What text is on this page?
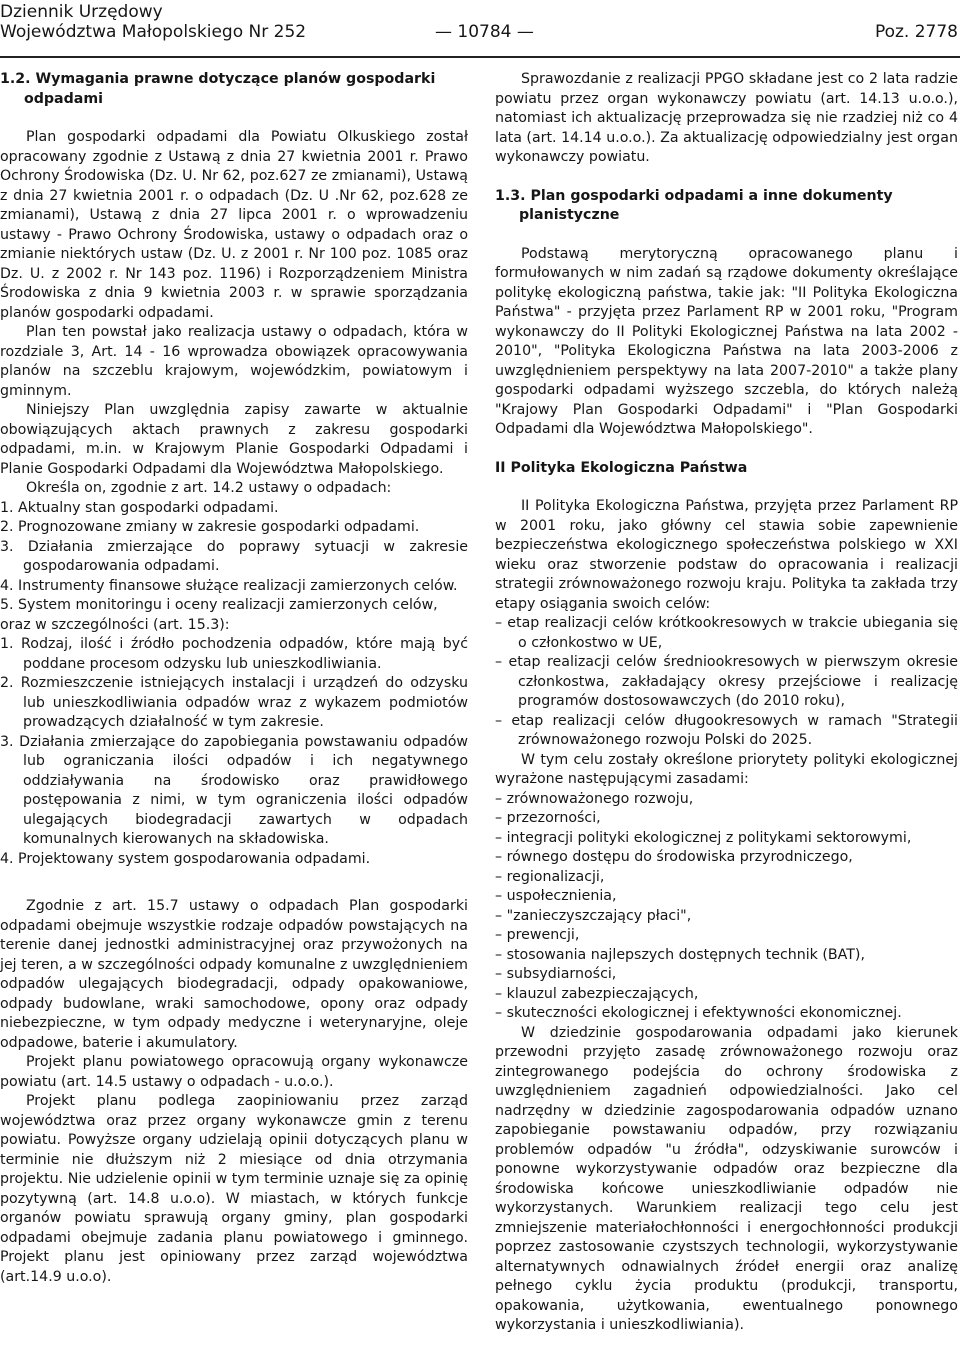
Dziennik Urzędowy
Województwa Małopolskiego Nr 252	— 10784 —	Poz. 2778

1.2. Wymagania prawne dotyczące planów gospodarki odpadami

Plan gospodarki odpadami dla Powiatu Olkuskiego został opracowany zgodnie z Ustawą z dnia 27 kwietnia 2001 r. Prawo Ochrony Środowiska (Dz. U. Nr 62, poz.627 ze zmianami), Ustawą z dnia 27 kwietnia 2001 r. o odpadach (Dz. U .Nr 62, poz.628 ze zmianami), Ustawą z dnia 27 lipca 2001 r. o wprowadzeniu ustawy - Prawo Ochrony Środowiska, ustawy o odpadach oraz o zmianie niektórych ustaw (Dz. U. z 2001 r. Nr 100 poz. 1085 oraz Dz. U. z 2002 r. Nr 143 poz. 1196) i Rozporządzeniem Ministra Środowiska z dnia 9 kwietnia 2003 r. w sprawie sporządzania planów gospodarki odpadami.

Plan ten powstał jako realizacja ustawy o odpadach, która w rozdziale 3, Art. 14 - 16 wprowadza obowiązek opracowywania planów na szczeblu krajowym, wojewódzkim, powiatowym i gminnym.

Niniejszy Plan uwzględnia zapisy zawarte w aktualnie obowiązujących aktach prawnych z zakresu gospodarki odpadami, m.in. w Krajowym Planie Gospodarki Odpadami i Planie Gospodarki Odpadami dla Województwa Małopolskiego.

Określa on, zgodnie z art. 14.2 ustawy o odpadach:

1. Aktualny stan gospodarki odpadami.

2. Prognozowane zmiany w zakresie gospodarki odpadami.

3. Działania zmierzające do poprawy sytuacji w zakresie gospodarowania odpadami.

4. Instrumenty finansowe służące realizacji zamierzonych celów.

5. System monitoringu i oceny realizacji zamierzonych celów,

oraz w szczególności (art. 15.3):

1. Rodzaj, ilość i źródło pochodzenia odpadów, które mają być poddane procesom odzysku lub unieszkodliwiania.

2. Rozmieszczenie istniejących instalacji i urządzeń do odzysku lub unieszkodliwiania odpadów wraz z wykazem podmiotów prowadzących działalność w tym zakresie.

3. Działania zmierzające do zapobiegania powstawaniu odpadów lub ograniczania ilości odpadów i ich negatywnego oddziaływania na środowisko oraz prawidłowego postępowania z nimi, w tym ograniczenia ilości odpadów ulegających biodegradacji zawartych w odpadach komunalnych kierowanych na składowiska.

4. Projektowany system gospodarowania odpadami.

Zgodnie z art. 15.7 ustawy o odpadach Plan gospodarki odpadami obejmuje wszystkie rodzaje odpadów powstających na terenie danej jednostki administracyjnej oraz przywożonych na jej teren, a w szczególności odpady komunalne z uwzględnieniem odpadów ulegających biodegradacji, odpady opakowaniowe, odpady budowlane, wraki samochodowe, opony oraz odpady niebezpieczne, w tym odpady medyczne i weterynaryjne, oleje odpadowe, baterie i akumulatory.

Projekt planu powiatowego opracowują organy wykonawcze powiatu (art. 14.5 ustawy o odpadach - u.o.o.).

Projekt planu podlega zaopiniowaniu przez zarząd województwa oraz przez organy wykonawcze gmin z terenu powiatu. Powyższe organy udzielają opinii dotyczących planu w terminie nie dłuższym niż 2 miesiące od dnia otrzymania projektu. Nie udzielenie opinii w tym terminie uznaje się za opinię pozytywną (art. 14.8 u.o.o). W miastach, w których funkcje organów powiatu sprawują organy gminy, plan gospodarki odpadami obejmuje zadania planu powiatowego i gminnego. Projekt planu jest opiniowany przez zarząd województwa (art.14.9 u.o.o).

Sprawozdanie z realizacji PPGO składane jest co 2 lata radzie powiatu przez organ wykonawczy powiatu (art. 14.13 u.o.o.), natomiast ich aktualizację przeprowadza się nie rzadziej niż co 4 lata (art. 14.14 u.o.o.). Za aktualizację odpowiedzialny jest organ wykonawczy powiatu.

1.3. Plan gospodarki odpadami a inne dokumenty planistyczne

Podstawą merytoryczną opracowanego planu i formułowanych w nim zadań są rządowe dokumenty określające politykę ekologiczną państwa, takie jak: "II Polityka Ekologiczna Państwa" - przyjęta przez Parlament RP w 2001 roku, "Program wykonawczy do II Polityki Ekologicznej Państwa na lata 2002 - 2010", "Polityka Ekologiczna Państwa na lata 2003-2006 z uwzględnieniem perspektywy na lata 2007-2010" a także plany gospodarki odpadami wyższego szczebla, do których należą "Krajowy Plan Gospodarki Odpadami" i "Plan Gospodarki Odpadami dla Województwa Małopolskiego".

II Polityka Ekologiczna Państwa

II Polityka Ekologiczna Państwa, przyjęta przez Parlament RP w 2001 roku, jako główny cel stawia sobie zapewnienie bezpieczeństwa ekologicznego społeczeństwa polskiego w XXI wieku oraz stworzenie podstaw do opracowania i realizacji strategii zrównoważonego rozwoju kraju. Polityka ta zakłada trzy etapy osiągania swoich celów:

– etap realizacji celów krótkookresowych w trakcie ubiegania się o członkostwo w UE,

– etap realizacji celów średniookresowych w pierwszym okresie członkostwa, zakładający okresy przejściowe i realizację programów dostosowawczych (do 2010 roku),

– etap realizacji celów długookresowych w ramach "Strategii zrównoważonego rozwoju Polski do 2025.

W tym celu zostały określone priorytety polityki ekologicznej wyrażone następującymi zasadami:

– zrównoważonego rozwoju,

– przezorności,

– integracji polityki ekologicznej z politykami sektorowymi,

– równego dostępu do środowiska przyrodniczego,

– regionalizacji,

– uspołecznienia,

– "zanieczyszczający płaci",

– prewencji,

– stosowania najlepszych dostępnych technik (BAT),

– subsydiarności,

– klauzul zabezpieczających,

– skuteczności ekologicznej i efektywności ekonomicznej.

W dziedzinie gospodarowania odpadami jako kierunek przewodni przyjęto zasadę zrównoważonego rozwoju oraz zintegrowanego podejścia do ochrony środowiska z uwzględnieniem zagadnień odpowiedzialności. Jako cel nadrzędny w dziedzinie zagospodarowania odpadów uznano zapobieganie powstawaniu odpadów, przy rozwiązaniu problemów odpadów "u źródła", odzyskiwanie surowców i ponowne wykorzystywanie odpadów oraz bezpieczne dla środowiska końcowe unieszkodliwianie odpadów nie wykorzystanych. Warunkiem realizacji tego celu jest zmniejszenie materiałochłonności i energochłonności produkcji poprzez zastosowanie czystszych technologii, wykorzystywanie alternatywnych odnawialnych źródeł energii oraz analizę pełnego cyklu życia produktu (produkcji, transportu, opakowania, użytkowania, ewentualnego ponownego wykorzystania i unieszkodliwiania).
